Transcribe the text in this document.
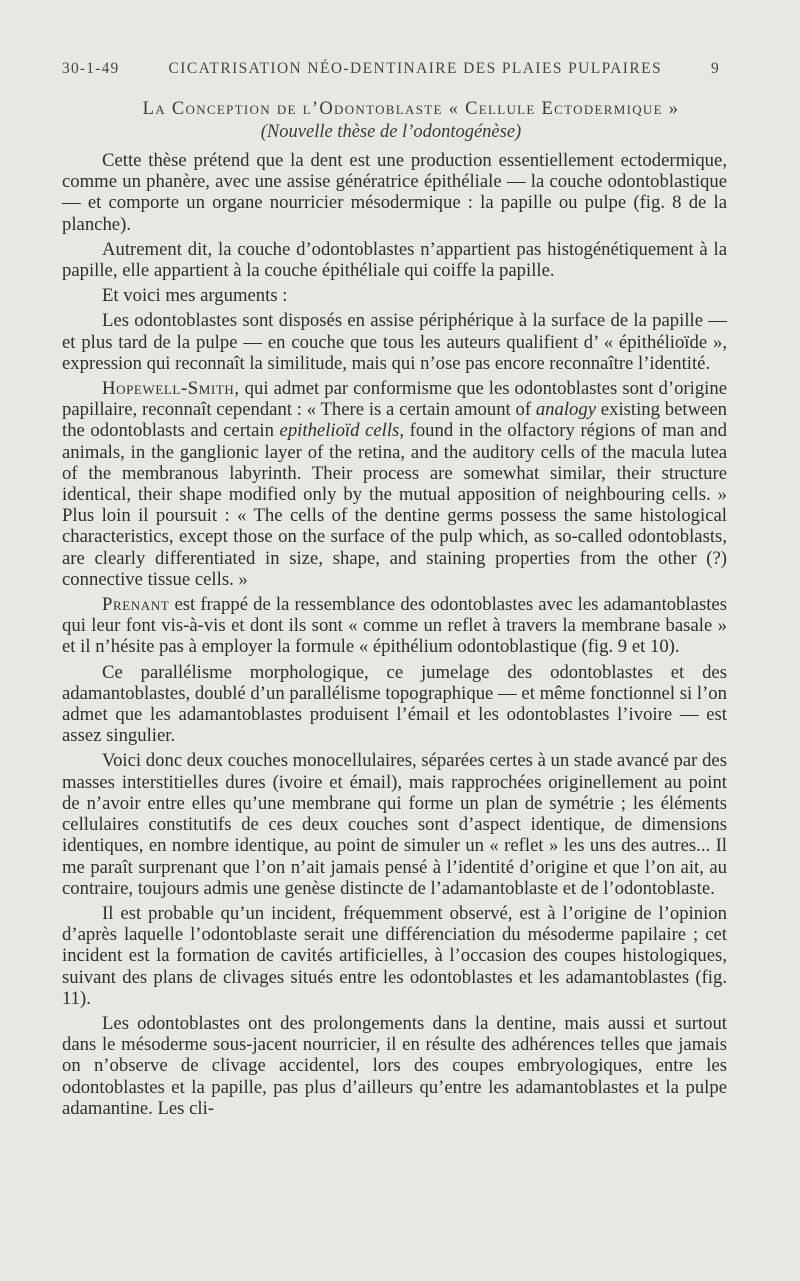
30-1-49	CICATRISATION NÉO-DENTINAIRE DES PLAIES PULPAIRES	9
La Conception de l’Odontoblaste « Cellule Ectodermique »
(Nouvelle thèse de l’odontogénèse)

Cette thèse prétend que la dent est une production essentiellement ectodermique, comme un phanère, avec une assise génératrice épithéliale — la couche odontoblastique — et comporte un organe nourricier mésodermique : la papille ou pulpe (fig. 8 de la planche).

Autrement dit, la couche d’odontoblastes n’appartient pas histogénétiquement à la papille, elle appartient à la couche épithéliale qui coiffe la papille.

Et voici mes arguments :

Les odontoblastes sont disposés en assise périphérique à la surface de la papille — et plus tard de la pulpe — en couche que tous les auteurs qualifient d’ « épithélioïde », expression qui reconnaît la similitude, mais qui n’ose pas encore reconnaître l’identité.

Hopewell-Smith, qui admet par conformisme que les odontoblastes sont d’origine papillaire, reconnaît cependant : « There is a certain amount of analogy existing between the odontoblasts and certain epithelioïd cells, found in the olfactory régions of man and animals, in the ganglionic layer of the retina, and the auditory cells of the macula lutea of the membranous labyrinth. Their process are somewhat similar, their structure identical, their shape modified only by the mutual apposition of neighbouring cells. » Plus loin il poursuit : « The cells of the dentine germs possess the same histological characteristics, except those on the surface of the pulp which, as so-called odontoblasts, are clearly differentiated in size, shape, and staining properties from the other (?) connective tissue cells. »

Prenant est frappé de la ressemblance des odontoblastes avec les adamantoblastes qui leur font vis-à-vis et dont ils sont « comme un reflet à travers la membrane basale » et il n’hésite pas à employer la formule « épithélium odontoblastique (fig. 9 et 10).

Ce parallélisme morphologique, ce jumelage des odontoblastes et des adamantoblastes, doublé d’un parallélisme topographique — et même fonctionnel si l’on admet que les adamantoblastes produisent l’émail et les odontoblastes l’ivoire — est assez singulier.

Voici donc deux couches monocellulaires, séparées certes à un stade avancé par des masses interstitielles dures (ivoire et émail), mais rapprochées originellement au point de n’avoir entre elles qu’une membrane qui forme un plan de symétrie ; les éléments cellulaires constitutifs de ces deux couches sont d’aspect identique, de dimensions identiques, en nombre identique, au point de simuler un « reflet » les uns des autres... Il me paraît surprenant que l’on n’ait jamais pensé à l’identité d’origine et que l’on ait, au contraire, toujours admis une genèse distincte de l’adamantoblaste et de l’odontoblaste.

Il est probable qu’un incident, fréquemment observé, est à l’origine de l’opinion d’après laquelle l’odontoblaste serait une différenciation du mésoderme papilaire ; cet incident est la formation de cavités artificielles, à l’occasion des coupes histologiques, suivant des plans de clivages situés entre les odontoblastes et les adamantoblastes (fig. 11).

Les odontoblastes ont des prolongements dans la dentine, mais aussi et surtout dans le mésoderme sous-jacent nourricier, il en résulte des adhérences telles que jamais on n’observe de clivage accidentel, lors des coupes embryologiques, entre les odontoblastes et la papille, pas plus d’ailleurs qu’entre les adamantoblastes et la pulpe adamantine. Les cli-
